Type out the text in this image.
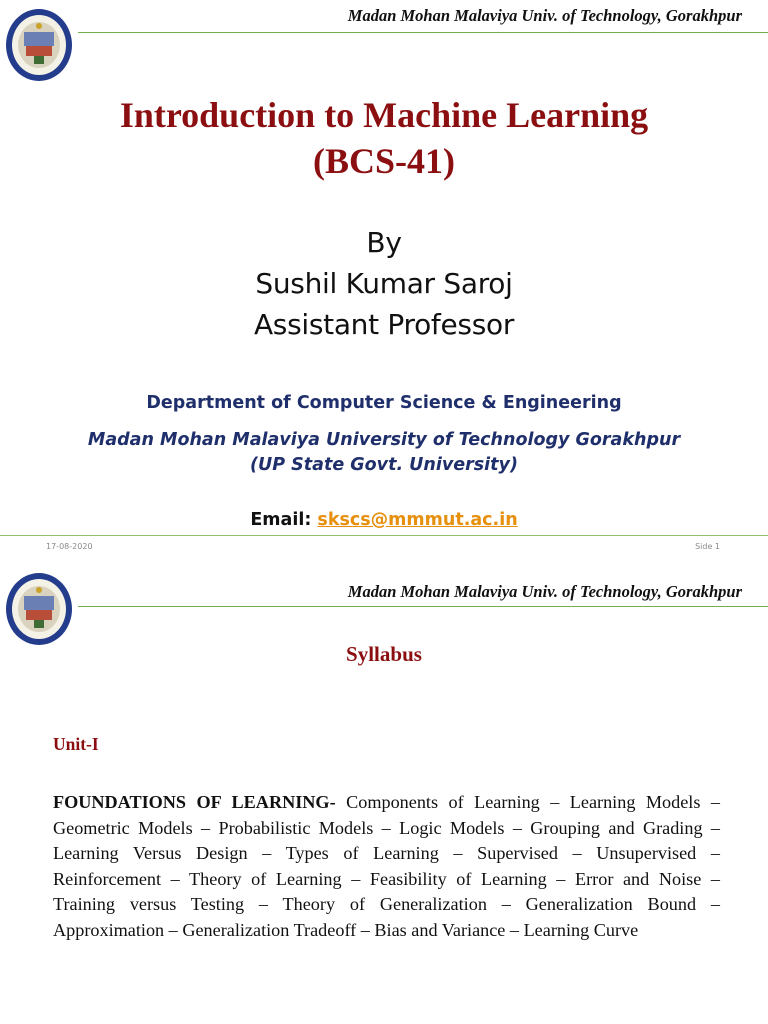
Madan Mohan Malaviya Univ. of Technology, Gorakhpur
Introduction to Machine Learning
(BCS-41)
By
Sushil Kumar Saroj
Assistant Professor
Department of Computer Science & Engineering
Madan Mohan Malaviya University of Technology Gorakhpur
(UP State Govt. University)
Email: skscs@mmmut.ac.in
17-08-2020	Side 1
Madan Mohan Malaviya Univ. of Technology, Gorakhpur
Syllabus
Unit-I
FOUNDATIONS OF LEARNING- Components of Learning – Learning Models – Geometric Models – Probabilistic Models – Logic Models – Grouping and Grading – Learning Versus Design – Types of Learning – Supervised – Unsupervised – Reinforcement – Theory of Learning – Feasibility of Learning – Error and Noise – Training versus Testing – Theory of Generalization – Generalization Bound – Approximation – Generalization Tradeoff – Bias and Variance – Learning Curve
